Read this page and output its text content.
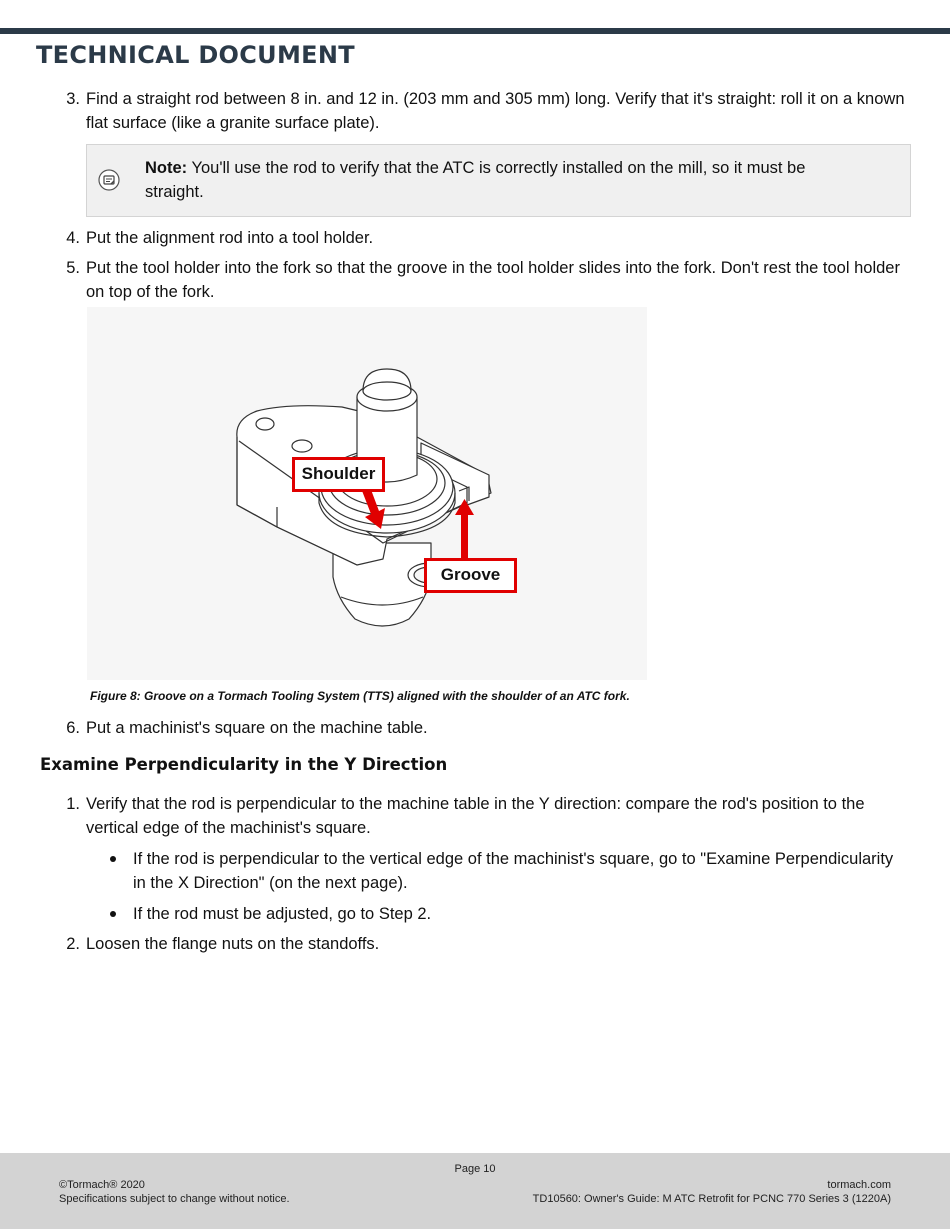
TECHNICAL DOCUMENT
3. Find a straight rod between 8 in. and 12 in. (203 mm and 305 mm) long. Verify that it's straight: roll it on a known flat surface (like a granite surface plate).
Note: You'll use the rod to verify that the ATC is correctly installed on the mill, so it must be straight.
4. Put the alignment rod into a tool holder.
5. Put the tool holder into the fork so that the groove in the tool holder slides into the fork. Don't rest the tool holder on top of the fork.
Shoulder
Groove
Figure 8: Groove on a Tormach Tooling System (TTS) aligned with the shoulder of an ATC fork.
6. Put a machinist's square on the machine table.
Examine Perpendicularity in the Y Direction
1. Verify that the rod is perpendicular to the machine table in the Y direction: compare the rod's position to the vertical edge of the machinist's square.
If the rod is perpendicular to the vertical edge of the machinist's square, go to "Examine Perpendicularity in the X Direction" (on the next page).
If the rod must be adjusted, go to Step 2.
2. Loosen the flange nuts on the standoffs.
Page 10
©Tormach® 2020
Specifications subject to change without notice.
tormach.com
TD10560: Owner's Guide: M ATC Retrofit for PCNC 770 Series 3 (1220A)
